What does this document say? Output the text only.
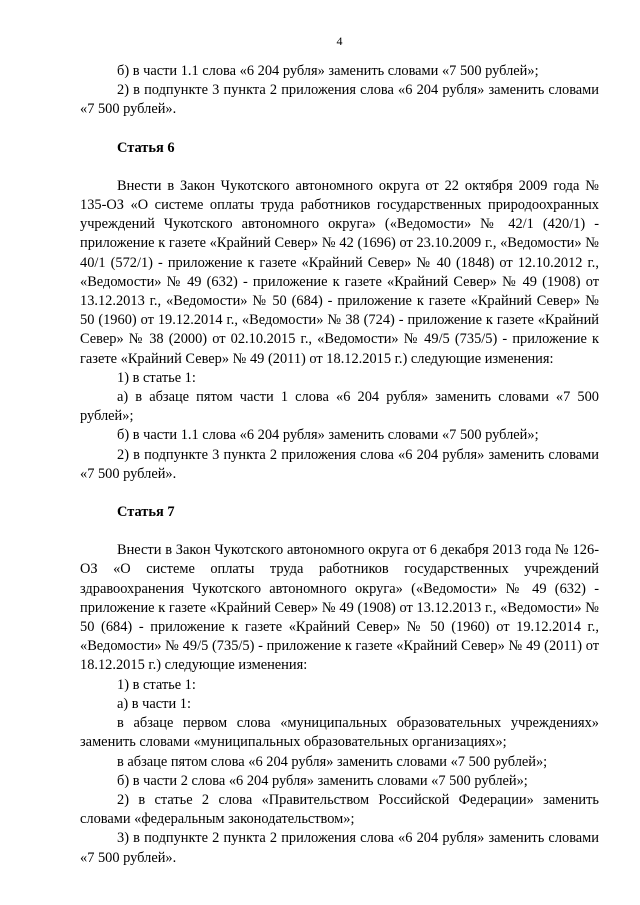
4

б) в части 1.1 слова «6 204 рубля» заменить словами «7 500 рублей»;

2) в подпункте 3 пункта 2 приложения слова «6 204 рубля» заменить словами «7 500 рублей».

Статья 6

Внести в Закон Чукотского автономного округа от 22 октября 2009 года № 135-ОЗ «О системе оплаты труда работников государственных природоохранных учреждений Чукотского автономного округа» («Ведомости» № 42/1 (420/1) - приложение к газете «Крайний Север» № 42 (1696) от 23.10.2009 г., «Ведомости» № 40/1 (572/1) - приложение к газете «Крайний Север» № 40 (1848) от 12.10.2012 г., «Ведомости» № 49 (632) - приложение к газете «Крайний Север» № 49 (1908) от 13.12.2013 г., «Ведомости» № 50 (684) - приложение к газете «Крайний Север» № 50 (1960) от 19.12.2014 г., «Ведомости» № 38 (724) - приложение к газете «Крайний Север» № 38 (2000) от 02.10.2015 г., «Ведомости» № 49/5 (735/5) - приложение к газете «Крайний Север» № 49 (2011) от 18.12.2015 г.) следующие изменения:

1) в статье 1:

а) в абзаце пятом части 1 слова «6 204 рубля» заменить словами «7 500 рублей»;

б) в части 1.1 слова «6 204 рубля» заменить словами «7 500 рублей»;

2) в подпункте 3 пункта 2 приложения слова «6 204 рубля» заменить словами «7 500 рублей».

Статья 7

Внести в Закон Чукотского автономного округа от 6 декабря 2013 года № 126-ОЗ «О системе оплаты труда работников государственных учреждений здравоохранения Чукотского автономного округа» («Ведомости» № 49 (632) - приложение к газете «Крайний Север» № 49 (1908) от 13.12.2013 г., «Ведомости» № 50 (684) - приложение к газете «Крайний Север» № 50 (1960) от 19.12.2014 г., «Ведомости» № 49/5 (735/5) - приложение к газете «Крайний Север» № 49 (2011) от 18.12.2015 г.) следующие изменения:

1) в статье 1:

а) в части 1:

в абзаце первом слова «муниципальных образовательных учреждениях» заменить словами «муниципальных образовательных организациях»;

в абзаце пятом слова «6 204 рубля» заменить словами «7 500 рублей»;

б) в части 2 слова «6 204 рубля» заменить словами «7 500 рублей»;

2) в статье 2 слова «Правительством Российской Федерации» заменить словами «федеральным законодательством»;

3) в подпункте 2 пункта 2 приложения слова «6 204 рубля» заменить словами «7 500 рублей».
